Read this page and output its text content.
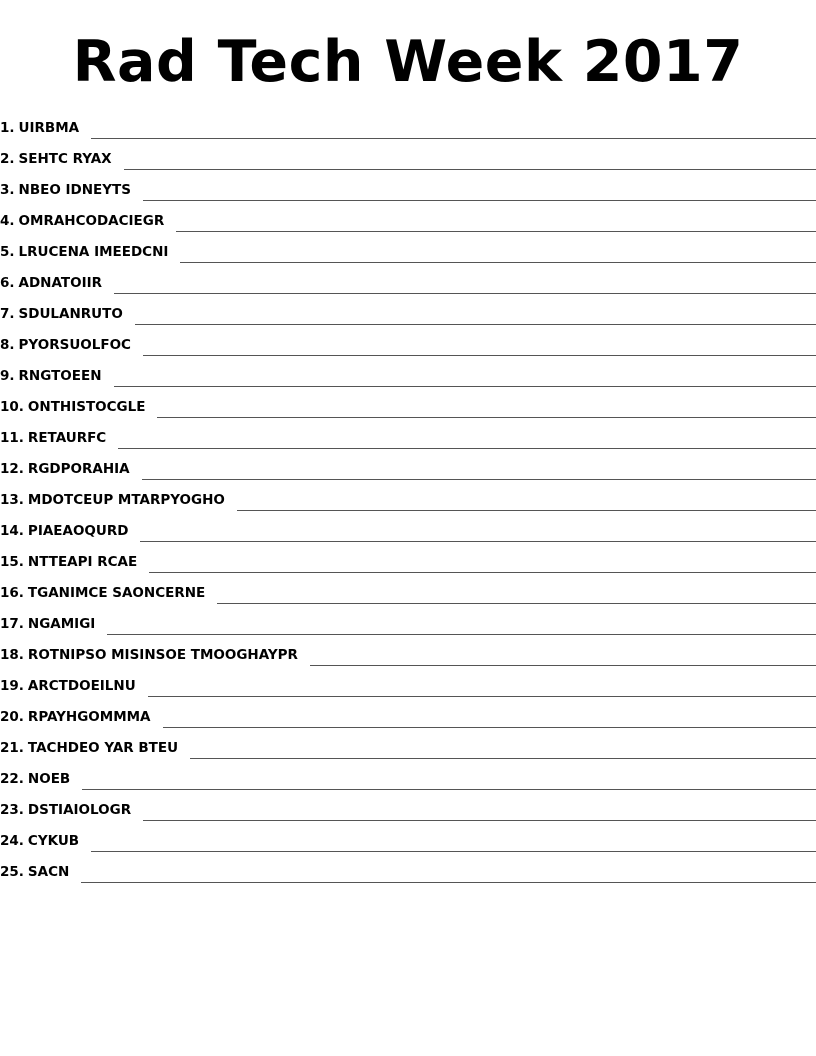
Rad Tech Week 2017
1. UIRBMA
2. SEHTC RYAX
3. NBEO IDNEYTS
4. OMRAHCODACIEGR
5. LRUCENA IMEEDCNI
6. ADNATOIIR
7. SDULANRUTO
8. PYORSUOLFOC
9. RNGTOEEN
10. ONTHISTOCGLE
11. RETAURFC
12. RGDPORAHIA
13. MDOTCEUP MTARPYOGHO
14. PIAEAOQURD
15. NTTEAPI RCAE
16. TGANIMCE SAONCERNE
17. NGAMIGI
18. ROTNIPSO MISINSOE TMOOGHAYPR
19. ARCTDOEILNU
20. RPAYHGOMMMA
21. TACHDEO YAR BTEU
22. NOEB
23. DSTIAIOLOGR
24. CYKUB
25. SACN
